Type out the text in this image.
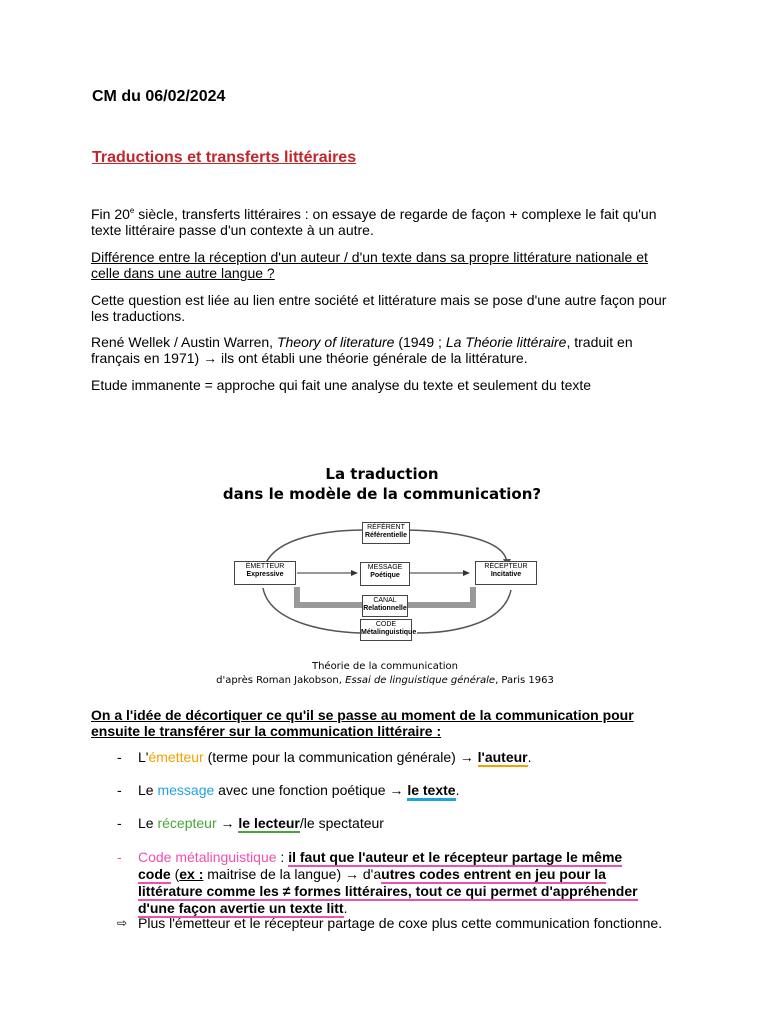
CM du 06/02/2024
Traductions et transferts littéraires
Fin 20e siècle, transferts littéraires : on essaye de regarde de façon + complexe le fait qu'un
texte littéraire passe d'un contexte à un autre.
Différence entre la réception d'un auteur / d'un texte dans sa propre littérature nationale et
celle dans une autre langue ?
Cette question est liée au lien entre société et littérature mais se pose d'une autre façon pour
les traductions.
René Wellek / Austin Warren, Theory of literature (1949 ; La Théorie littéraire, traduit en
français en 1971) → ils ont établi une théorie générale de la littérature.
Etude immanente = approche qui fait une analyse du texte et seulement du texte
La traduction
dans le modèle de la communication?
RÉFÉRENT
Référentielle
ÉMETTEUR
Expressive
MESSAGE
Poétique
RÉCEPTEUR
Incitative
CANAL
Relationnelle
CODE
Métalinguistique
Théorie de la communication
d'après Roman Jakobson, Essai de linguistique générale, Paris 1963
On a l'idée de décortiquer ce qu'il se passe au moment de la communication pour
ensuite le transférer sur la communication littéraire :
- L'émetteur (terme pour la communication générale) → l'auteur.
- Le message avec une fonction poétique → le texte.
- Le récepteur → le lecteur/le spectateur
- Code métalinguistique : il faut que l'auteur et le récepteur partage le même
code (ex : maitrise de la langue) → d'autres codes entrent en jeu pour la
littérature comme les ≠ formes littéraires, tout ce qui permet d'appréhender
d'une façon avertie un texte litt.
⇨ Plus l'émetteur et le récepteur partage de coxe plus cette communication fonctionne.
